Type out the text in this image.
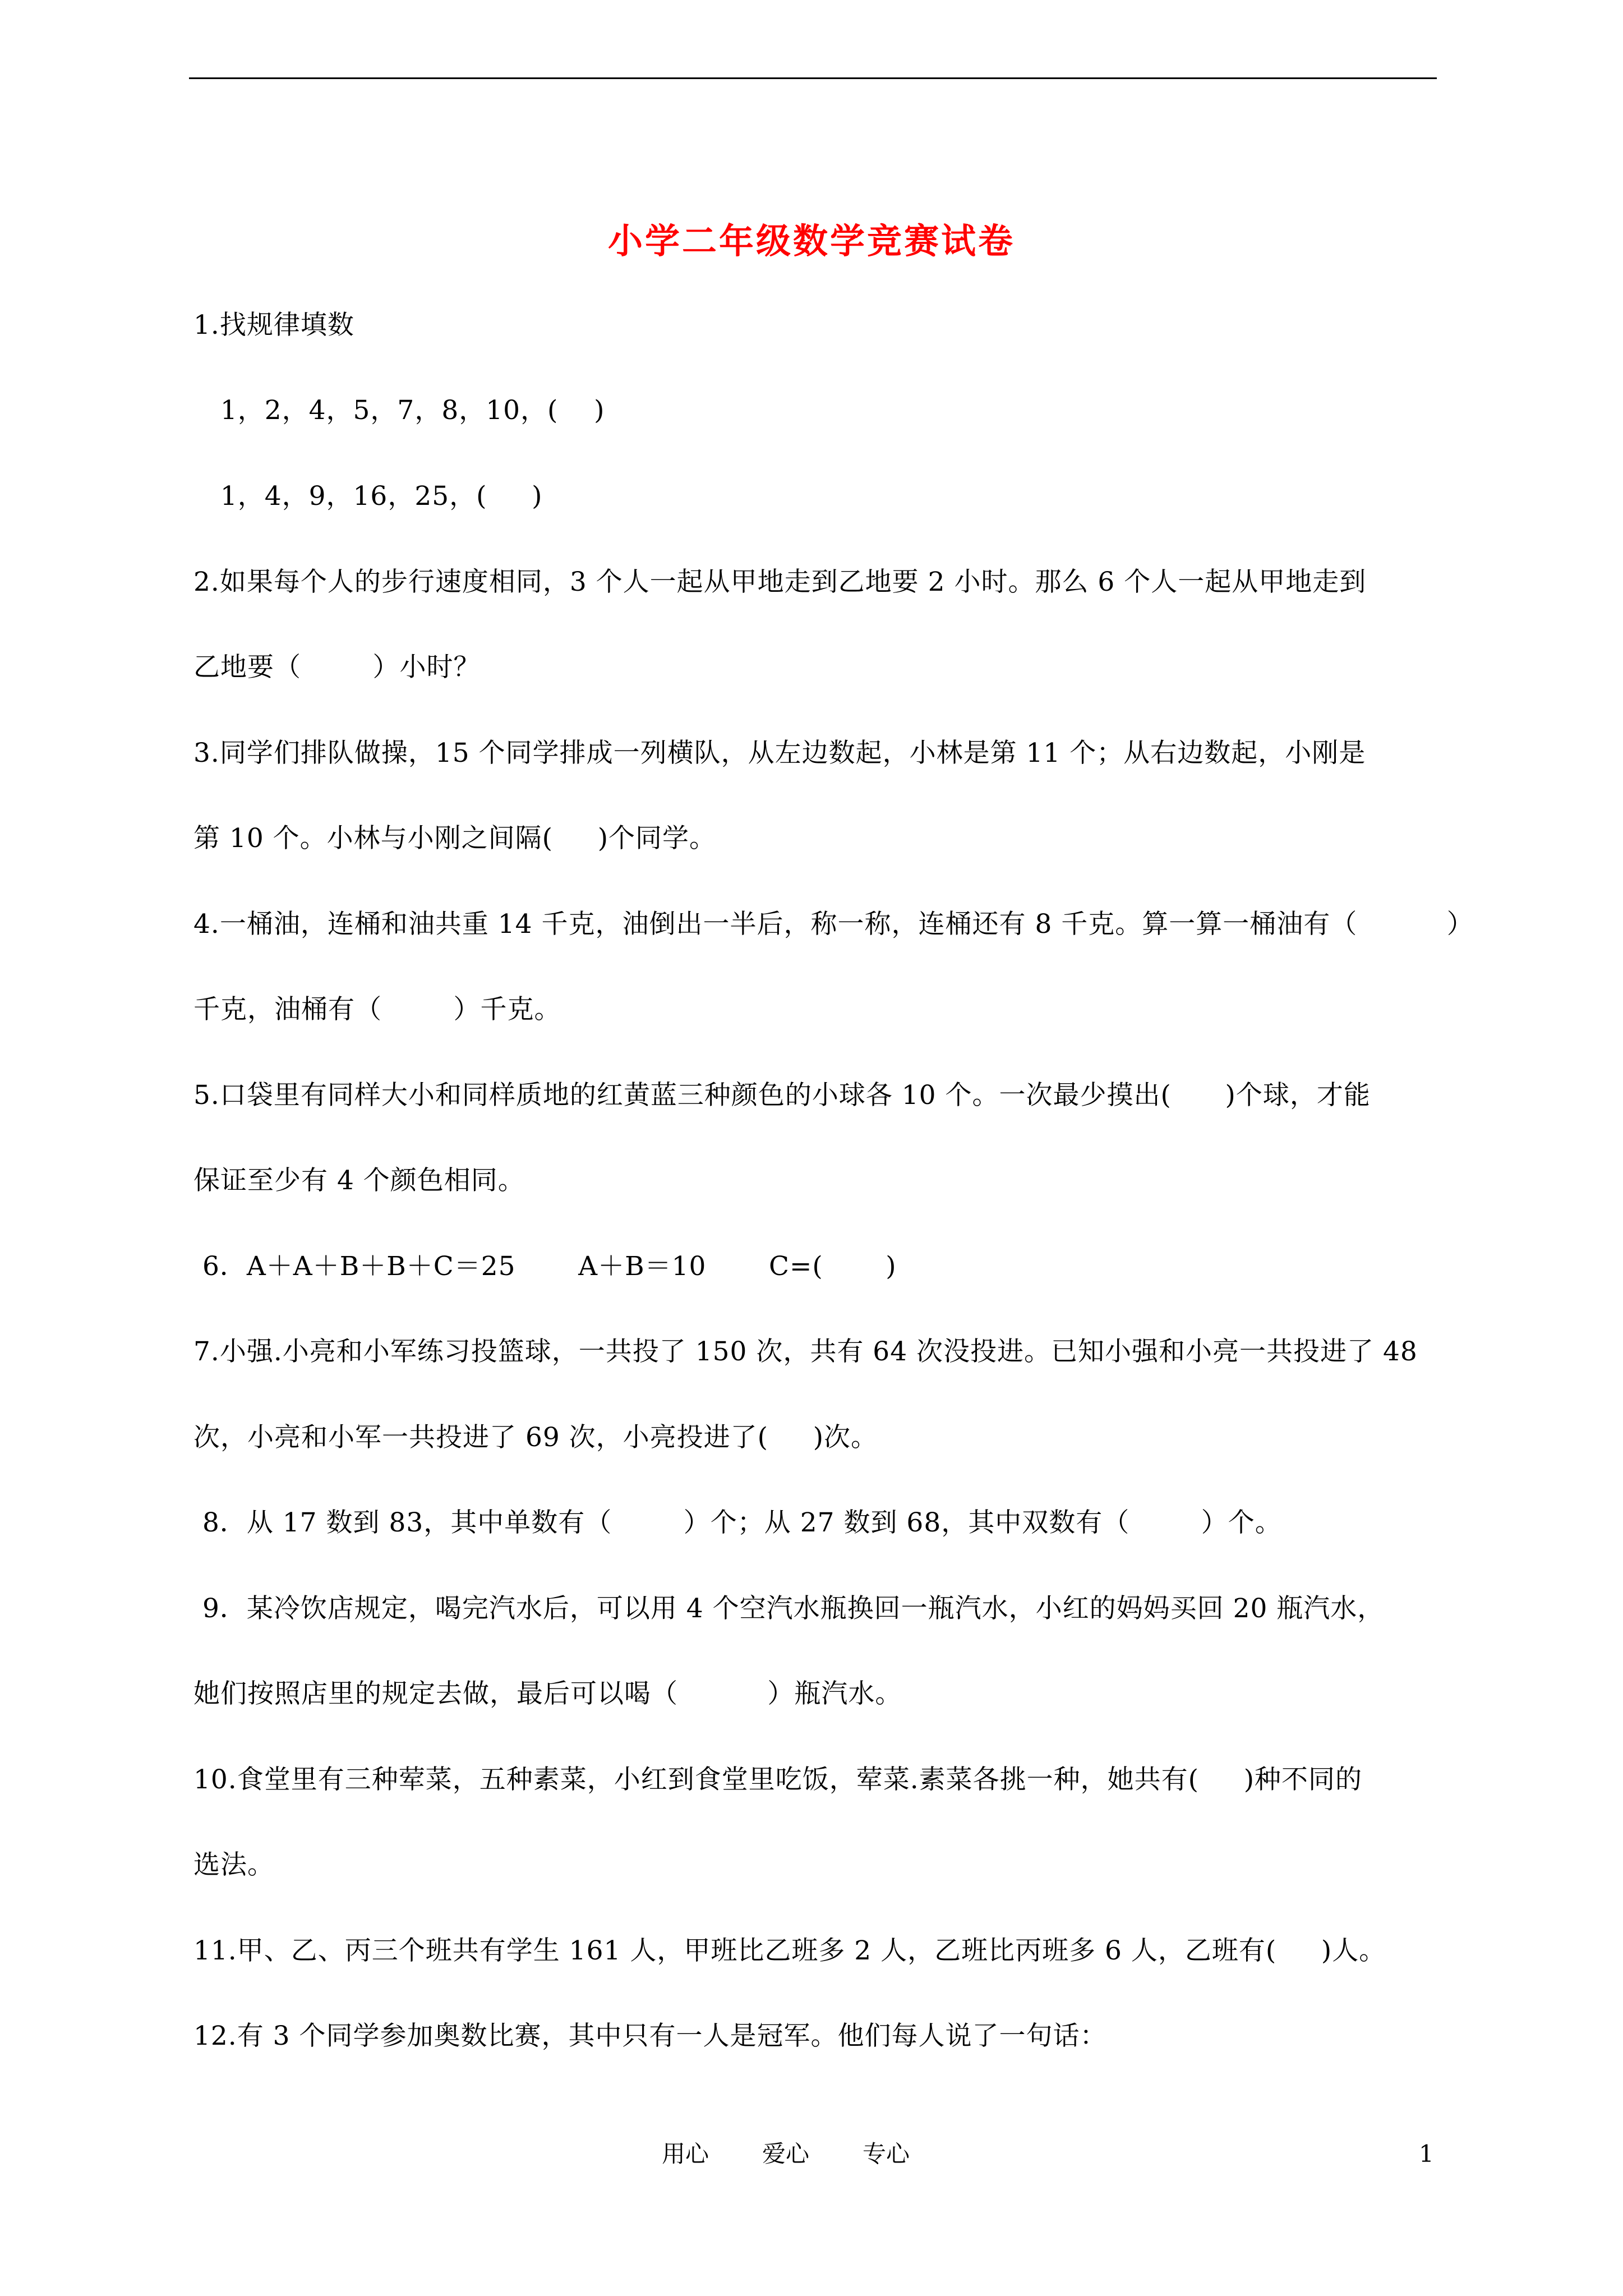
小学二年级数学竞赛试卷
1.找规律填数
1，2，4，5，7，8，10，(    )
1，4，9，16，25，(     )
2.如果每个人的步行速度相同，3 个人一起从甲地走到乙地要 2 小时。那么 6 个人一起从甲地走到
乙地要（        ）小时？
3.同学们排队做操，15 个同学排成一列横队，从左边数起，小林是第 11 个；从右边数起，小刚是
第 10 个。小林与小刚之间隔(     )个同学。
4.一桶油，连桶和油共重 14 千克，油倒出一半后，称一称，连桶还有 8 千克。算一算一桶油有（          ）
千克，油桶有（        ）千克。
5.口袋里有同样大小和同样质地的红黄蓝三种颜色的小球各 10 个。一次最少摸出(      )个球，才能
保证至少有 4 个颜色相同。
6．A＋A＋B＋B＋C＝25       A＋B＝10       C=(       )
7.小强.小亮和小军练习投篮球，一共投了 150 次，共有 64 次没投进。已知小强和小亮一共投进了 48
次，小亮和小军一共投进了 69 次，小亮投进了(     )次。
8．从 17 数到 83，其中单数有（        ）个；从 27 数到 68，其中双数有（        ）个。
9．某冷饮店规定，喝完汽水后，可以用 4 个空汽水瓶换回一瓶汽水，小红的妈妈买回 20 瓶汽水，
她们按照店里的规定去做，最后可以喝（          ）瓶汽水。
10.食堂里有三种荤菜，五种素菜，小红到食堂里吃饭，荤菜.素菜各挑一种，她共有(     )种不同的
选法。
11.甲、乙、丙三个班共有学生 161 人，甲班比乙班多 2 人，乙班比丙班多 6 人，乙班有(     )人。
12.有 3 个同学参加奥数比赛，其中只有一人是冠军。他们每人说了一句话：
用心 爱心 专心	1
